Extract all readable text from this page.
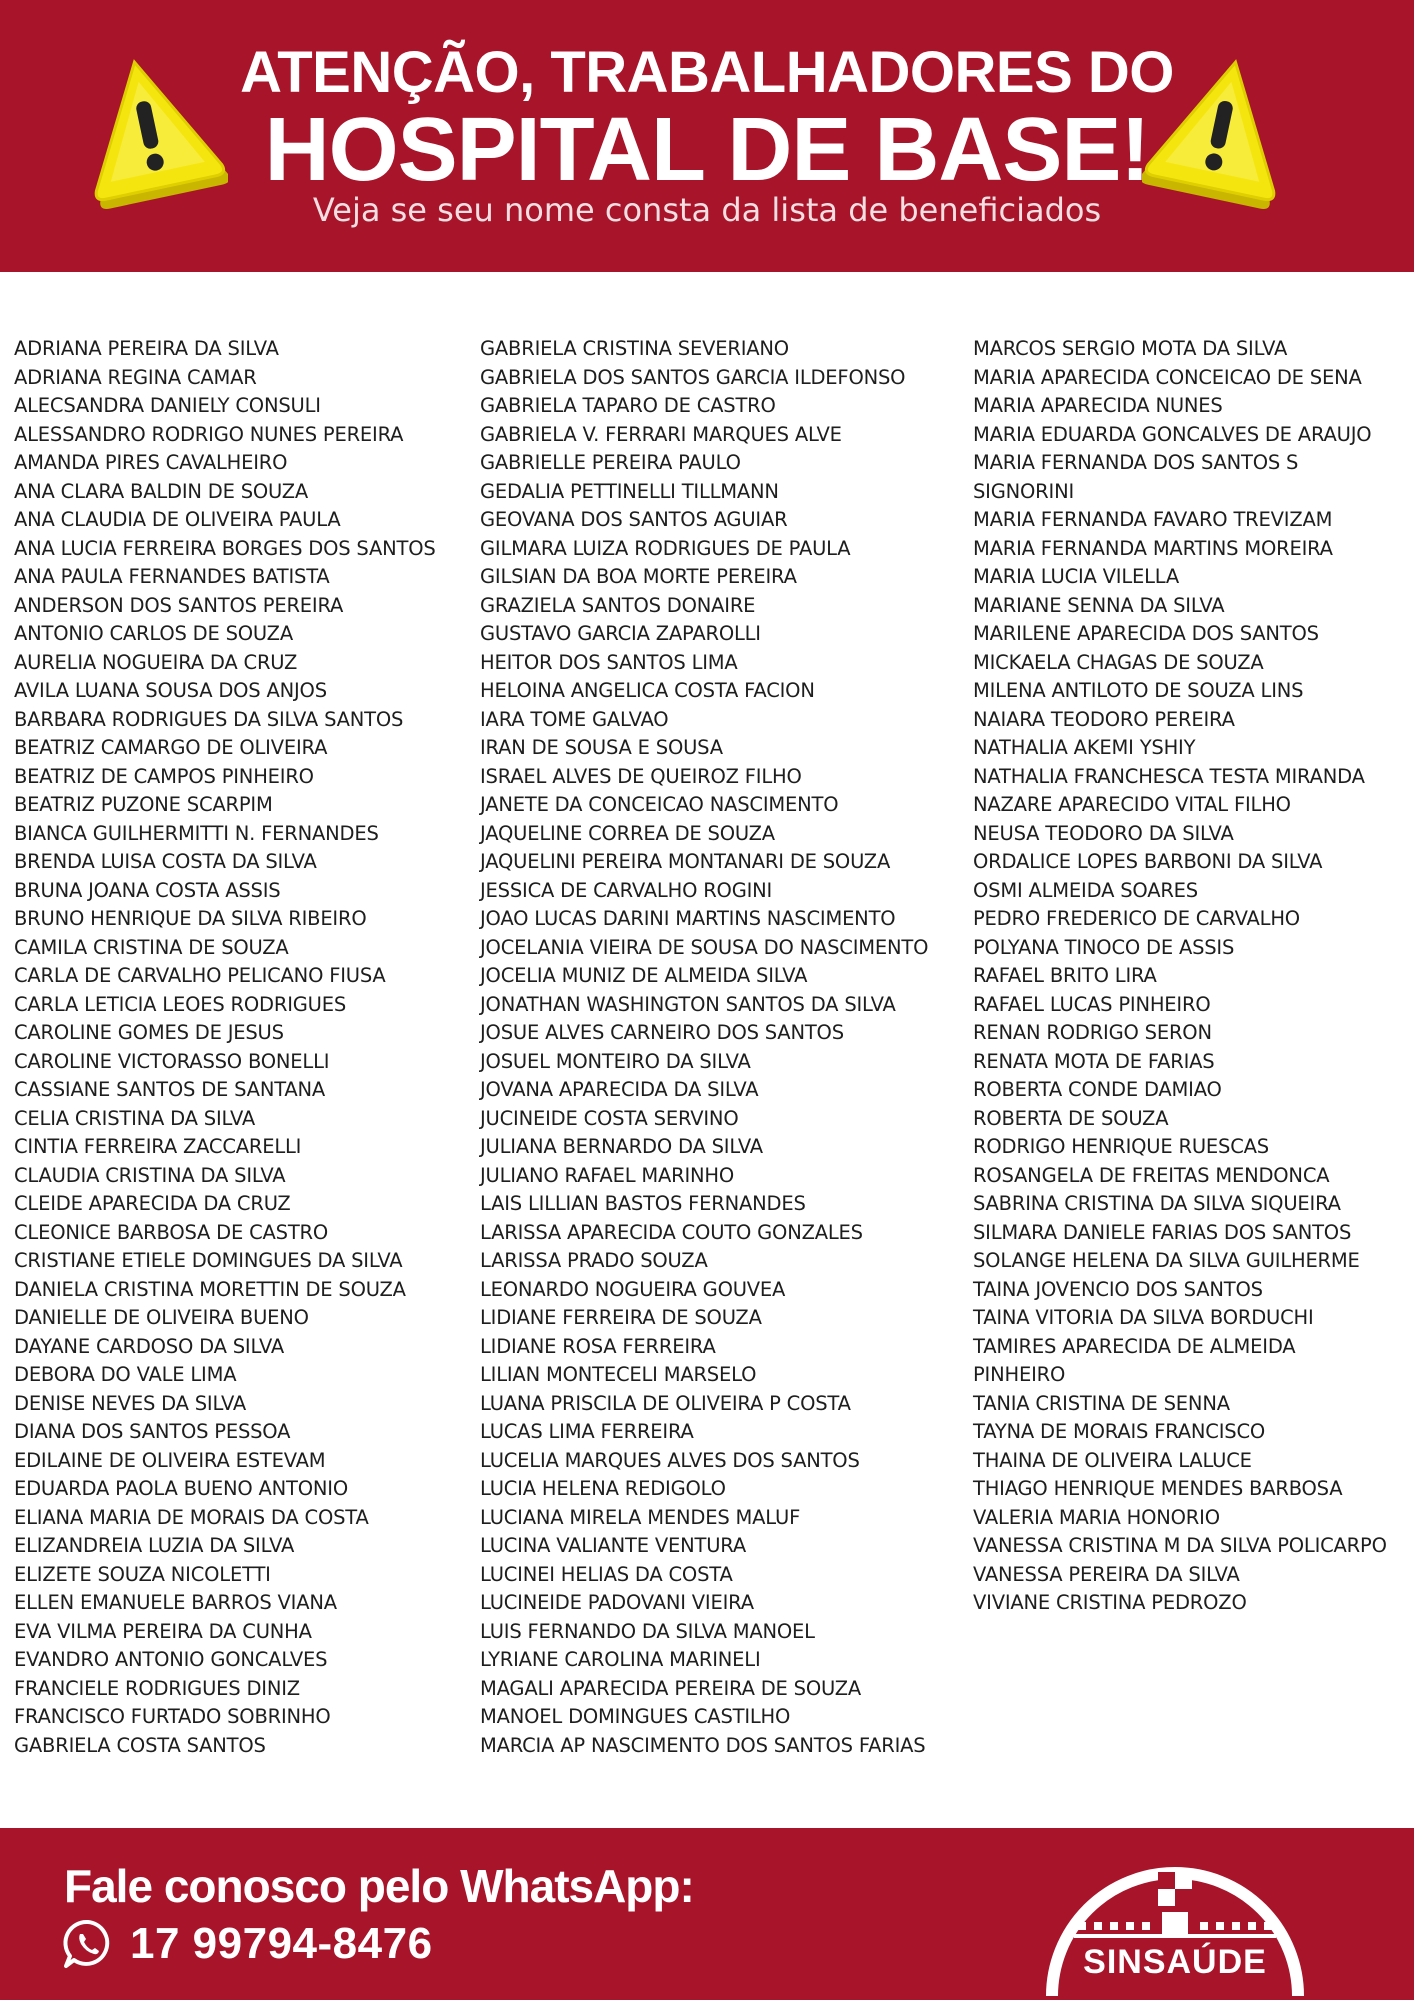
ATENÇÃO, TRABALHADORES DO
HOSPITAL DE BASE!
Veja se seu nome consta da lista de beneficiados
ADRIANA PEREIRA DA SILVA
ADRIANA REGINA CAMAR
ALECSANDRA DANIELY CONSULI
ALESSANDRO RODRIGO NUNES PEREIRA
AMANDA PIRES CAVALHEIRO
ANA CLARA BALDIN DE SOUZA
ANA CLAUDIA DE OLIVEIRA PAULA
ANA LUCIA FERREIRA BORGES DOS SANTOS
ANA PAULA FERNANDES BATISTA
ANDERSON DOS SANTOS PEREIRA
ANTONIO CARLOS DE SOUZA
AURELIA NOGUEIRA DA CRUZ
AVILA LUANA SOUSA DOS ANJOS
BARBARA RODRIGUES DA SILVA SANTOS
BEATRIZ CAMARGO DE OLIVEIRA
BEATRIZ DE CAMPOS PINHEIRO
BEATRIZ PUZONE SCARPIM
BIANCA GUILHERMITTI N. FERNANDES
BRENDA LUISA COSTA DA SILVA
BRUNA JOANA COSTA ASSIS
BRUNO HENRIQUE DA SILVA RIBEIRO
CAMILA CRISTINA DE SOUZA
CARLA DE CARVALHO PELICANO FIUSA
CARLA LETICIA LEOES RODRIGUES
CAROLINE GOMES DE JESUS
CAROLINE VICTORASSO BONELLI
CASSIANE SANTOS DE SANTANA
CELIA CRISTINA DA SILVA
CINTIA FERREIRA ZACCARELLI
CLAUDIA CRISTINA DA SILVA
CLEIDE APARECIDA DA CRUZ
CLEONICE BARBOSA DE CASTRO
CRISTIANE ETIELE DOMINGUES DA SILVA
DANIELA CRISTINA MORETTIN DE SOUZA
DANIELLE DE OLIVEIRA BUENO
DAYANE CARDOSO DA SILVA
DEBORA DO VALE LIMA
DENISE NEVES DA SILVA
DIANA DOS SANTOS PESSOA
EDILAINE DE OLIVEIRA ESTEVAM
EDUARDA PAOLA BUENO ANTONIO
ELIANA MARIA DE MORAIS DA COSTA
ELIZANDREIA LUZIA DA SILVA
ELIZETE SOUZA NICOLETTI
ELLEN EMANUELE BARROS VIANA
EVA VILMA PEREIRA DA CUNHA
EVANDRO ANTONIO GONCALVES
FRANCIELE RODRIGUES DINIZ
FRANCISCO FURTADO SOBRINHO
GABRIELA COSTA SANTOS
GABRIELA CRISTINA SEVERIANO
GABRIELA DOS SANTOS GARCIA ILDEFONSO
GABRIELA TAPARO DE CASTRO
GABRIELA V. FERRARI MARQUES ALVE
GABRIELLE PEREIRA PAULO
GEDALIA PETTINELLI TILLMANN
GEOVANA DOS SANTOS AGUIAR
GILMARA LUIZA RODRIGUES DE PAULA
GILSIAN DA BOA MORTE PEREIRA
GRAZIELA SANTOS DONAIRE
GUSTAVO GARCIA ZAPAROLLI
HEITOR DOS SANTOS LIMA
HELOINA ANGELICA COSTA FACION
IARA TOME GALVAO
IRAN DE SOUSA E SOUSA
ISRAEL ALVES DE QUEIROZ FILHO
JANETE DA CONCEICAO NASCIMENTO
JAQUELINE CORREA DE SOUZA
JAQUELINI PEREIRA MONTANARI DE SOUZA
JESSICA DE CARVALHO ROGINI
JOAO LUCAS DARINI MARTINS NASCIMENTO
JOCELANIA VIEIRA DE SOUSA DO NASCIMENTO
JOCELIA MUNIZ DE ALMEIDA SILVA
JONATHAN WASHINGTON SANTOS DA SILVA
JOSUE ALVES CARNEIRO DOS SANTOS
JOSUEL MONTEIRO DA SILVA
JOVANA APARECIDA DA SILVA
JUCINEIDE COSTA SERVINO
JULIANA BERNARDO DA SILVA
JULIANO RAFAEL MARINHO
LAIS LILLIAN BASTOS FERNANDES
LARISSA APARECIDA COUTO GONZALES
LARISSA PRADO SOUZA
LEONARDO NOGUEIRA GOUVEA
LIDIANE FERREIRA DE SOUZA
LIDIANE ROSA FERREIRA
LILIAN MONTECELI MARSELO
LUANA PRISCILA DE OLIVEIRA P COSTA
LUCAS LIMA FERREIRA
LUCELIA MARQUES ALVES DOS SANTOS
LUCIA HELENA REDIGOLO
LUCIANA MIRELA MENDES MALUF
LUCINA VALIANTE VENTURA
LUCINEI HELIAS DA COSTA
LUCINEIDE PADOVANI VIEIRA
LUIS FERNANDO DA SILVA MANOEL
LYRIANE CAROLINA MARINELI
MAGALI APARECIDA PEREIRA DE SOUZA
MANOEL DOMINGUES CASTILHO
MARCIA AP NASCIMENTO DOS SANTOS FARIAS
MARCOS SERGIO MOTA DA SILVA
MARIA APARECIDA CONCEICAO DE SENA
MARIA APARECIDA NUNES
MARIA EDUARDA GONCALVES DE ARAUJO
MARIA FERNANDA DOS SANTOS S
SIGNORINI
MARIA FERNANDA FAVARO TREVIZAM
MARIA FERNANDA MARTINS MOREIRA
MARIA LUCIA VILELLA
MARIANE SENNA DA SILVA
MARILENE APARECIDA DOS SANTOS
MICKAELA CHAGAS DE SOUZA
MILENA ANTILOTO DE SOUZA LINS
NAIARA TEODORO PEREIRA
NATHALIA AKEMI YSHIY
NATHALIA FRANCHESCA TESTA MIRANDA
NAZARE APARECIDO VITAL FILHO
NEUSA TEODORO DA SILVA
ORDALICE LOPES BARBONI DA SILVA
OSMI ALMEIDA SOARES
PEDRO FREDERICO DE CARVALHO
POLYANA TINOCO DE ASSIS
RAFAEL BRITO LIRA
RAFAEL LUCAS PINHEIRO
RENAN RODRIGO SERON
RENATA MOTA DE FARIAS
ROBERTA CONDE DAMIAO
ROBERTA DE SOUZA
RODRIGO HENRIQUE RUESCAS
ROSANGELA DE FREITAS MENDONCA
SABRINA CRISTINA DA SILVA SIQUEIRA
SILMARA DANIELE FARIAS DOS SANTOS
SOLANGE HELENA DA SILVA GUILHERME
TAINA JOVENCIO DOS SANTOS
TAINA VITORIA DA SILVA BORDUCHI
TAMIRES APARECIDA DE ALMEIDA
PINHEIRO
TANIA CRISTINA DE SENNA
TAYNA DE MORAIS FRANCISCO
THAINA DE OLIVEIRA LALUCE
THIAGO HENRIQUE MENDES BARBOSA
VALERIA MARIA HONORIO
VANESSA CRISTINA M DA SILVA POLICARPO
VANESSA PEREIRA DA SILVA
VIVIANE CRISTINA PEDROZO
Fale conosco pelo WhatsApp:
17 99794-8476	SINSAÚDE
